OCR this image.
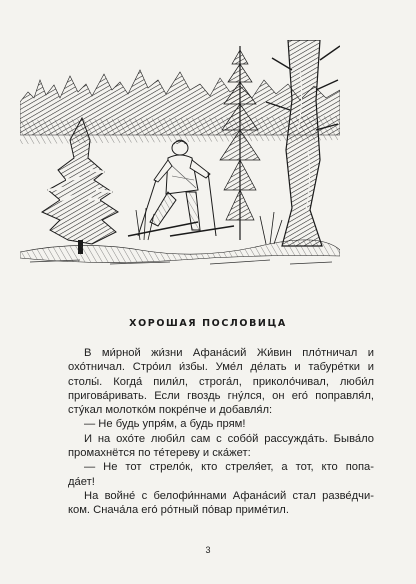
ХОРОШАЯ ПОСЛОВИЦА
В ми́рной жи́зни Афана́сий Жи́вин пло́тничал и
охо́тничал. Стро́ил и́збы. Уме́л де́лать и табуре́тки и
столы́. Когда́ пили́л, строга́л, приколо́чивал, люби́л
пригова́ривать. Если гвоздь гну́лся, он его́ поправля́л,
сту́кал молотко́м покре́пче и добавля́л:
— Не будь упря́м, а будь прям!
И на охо́те люби́л сам с собо́й рассужда́ть. Быва́ло
промахнётся по те́тереву и ска́жет:
— Не тот стрело́к, кто стреля́ет, а тот, кто попа-
да́ет!
На войне́ с белофи́ннами Афана́сий стал разве́дчи-
ком. Снача́ла его́ ро́тный по́вар приме́тил.
3
